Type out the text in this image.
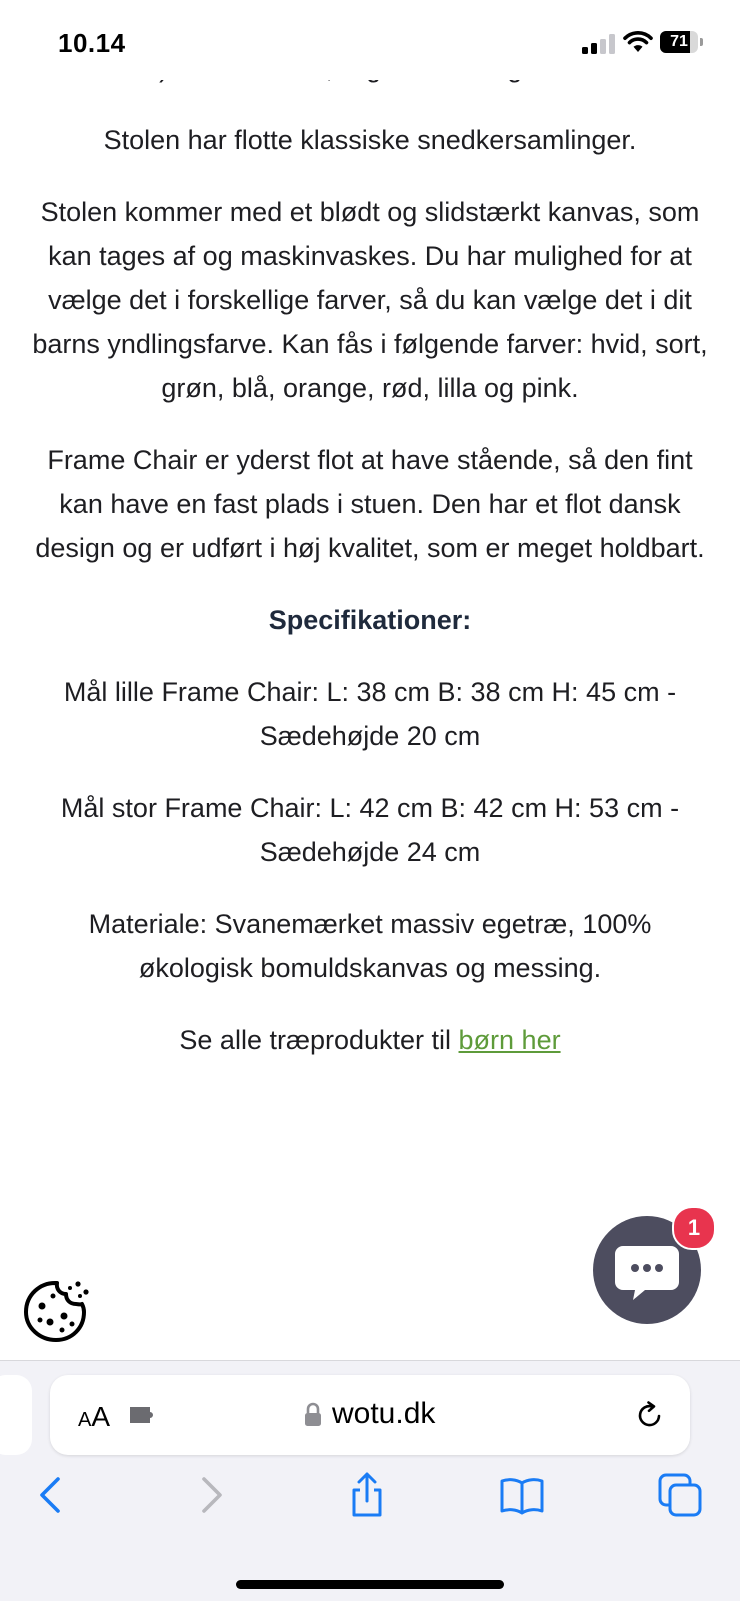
10.14	71

Stolen har flotte klassiske snedkersamlinger.

Stolen kommer med et blødt og slidstærkt kanvas, som kan tages af og maskinvaskes. Du har mulighed for at vælge det i forskellige farver, så du kan vælge det i dit barns yndlingsfarve. Kan fås i følgende farver: hvid, sort, grøn, blå, orange, rød, lilla og pink.

Frame Chair er yderst flot at have stående, så den fint kan have en fast plads i stuen. Den har et flot dansk design og er udført i høj kvalitet, som er meget holdbart.

Specifikationer:

Mål lille Frame Chair: L: 38 cm B: 38 cm H: 45 cm - Sædehøjde 20 cm

Mål stor Frame Chair: L: 42 cm B: 42 cm H: 53 cm - Sædehøjde 24 cm

Materiale: Svanemærket massiv egetræ, 100% økologisk bomuldskanvas og messing.

Se alle træprodukter til børn her

1
AA	wotu.dk
